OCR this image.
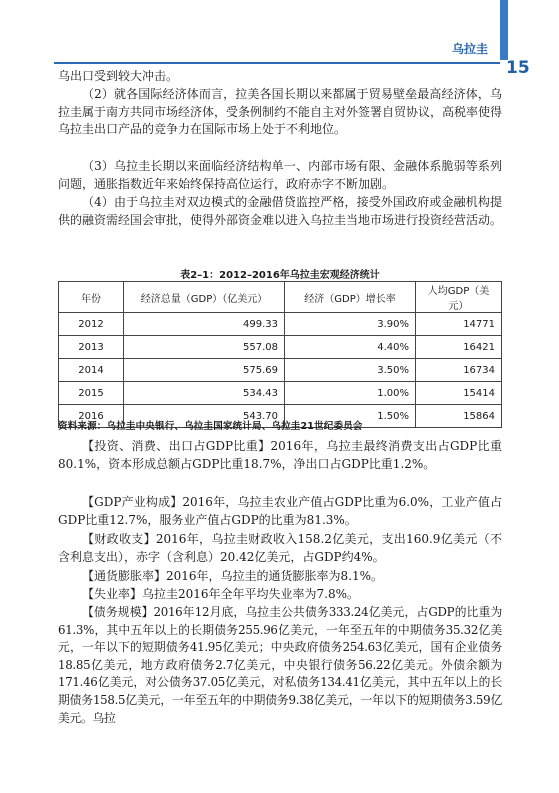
乌拉圭
15

乌出口受到较大冲击。

（2）就各国际经济体而言，拉美各国长期以来都属于贸易壁垒最高经济体，乌拉圭属于南方共同市场经济体，受条例制约不能自主对外签署自贸协议，高税率使得乌拉圭出口产品的竞争力在国际市场上处于不利地位。

（3）乌拉圭长期以来面临经济结构单一、内部市场有限、金融体系脆弱等系列问题，通胀指数近年来始终保持高位运行，政府赤字不断加剧。

（4）由于乌拉圭对双边模式的金融借贷监控严格，接受外国政府或金融机构提供的融资需经国会审批，使得外部资金难以进入乌拉圭当地市场进行投资经营活动。

表2–1：2012–2016年乌拉圭宏观经济统计
年份	经济总量（GDP）（亿美元）	经济（GDP）增长率	人均GDP（美元）
2012	499.33	3.90%	14771
2013	557.08	4.40%	16421
2014	575.69	3.50%	16734
2015	534.43	1.00%	15414
2016	543.70	1.50%	15864
资料来源：乌拉圭中央银行、乌拉圭国家统计局、乌拉圭21世纪委员会

【投资、消费、出口占GDP比重】2016年，乌拉圭最终消费支出占GDP比重80.1%，资本形成总额占GDP比重18.7%，净出口占GDP比重1.2%。

【GDP产业构成】2016年，乌拉圭农业产值占GDP比重为6.0%，工业产值占GDP比重12.7%，服务业产值占GDP的比重为81.3%。

【财政收支】2016年，乌拉圭财政收入158.2亿美元，支出160.9亿美元（不含利息支出），赤字（含利息）20.42亿美元，占GDP约4%。

【通货膨胀率】2016年，乌拉圭的通货膨胀率为8.1%。

【失业率】乌拉圭2016年全年平均失业率为7.8%。

【债务规模】2016年12月底，乌拉圭公共债务333.24亿美元，占GDP的比重为61.3%，其中五年以上的长期债务255.96亿美元，一年至五年的中期债务35.32亿美元，一年以下的短期债务41.95亿美元；中央政府债务254.63亿美元，国有企业债务18.85亿美元，地方政府债务2.7亿美元，中央银行债务56.22亿美元。外债余额为171.46亿美元，对公债务37.05亿美元，对私债务134.41亿美元，其中五年以上的长期债务158.5亿美元，一年至五年的中期债务9.38亿美元，一年以下的短期债务3.59亿美元。乌拉
